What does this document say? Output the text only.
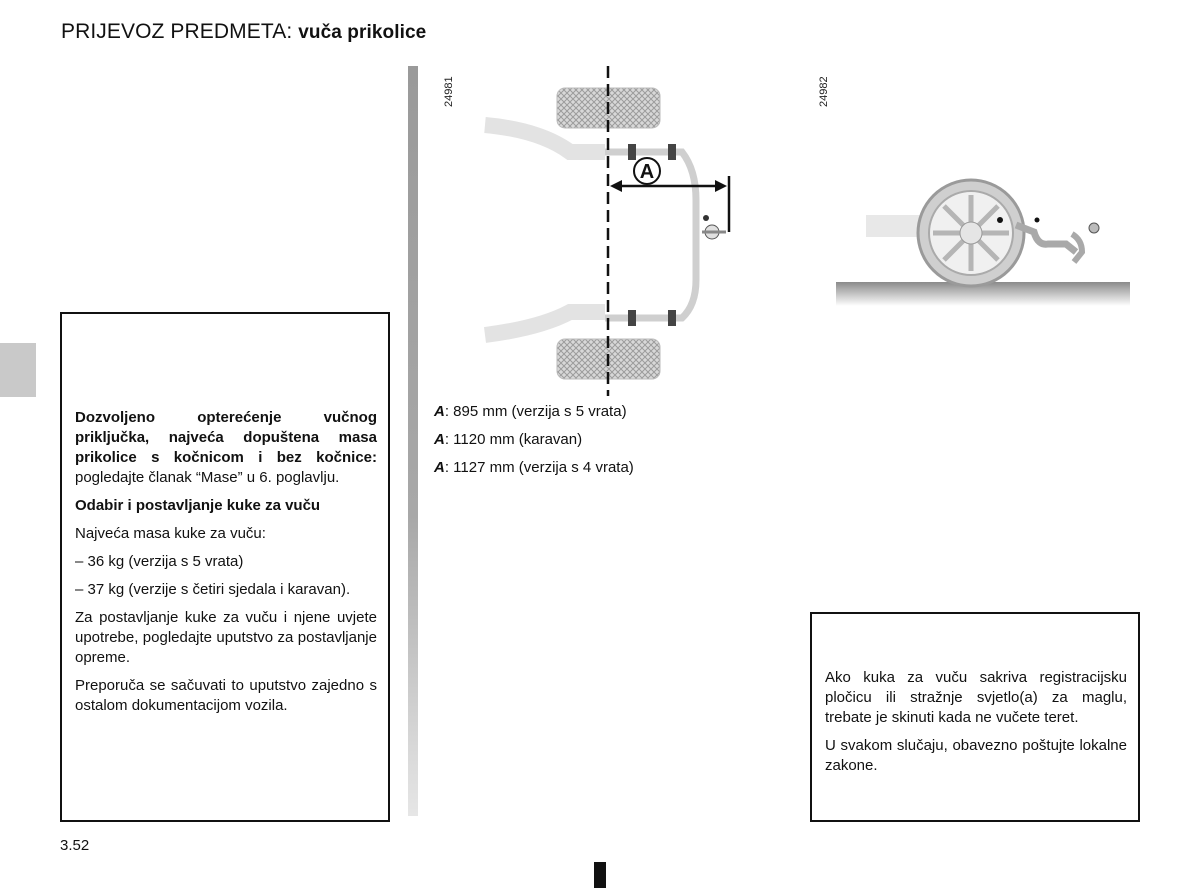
PRIJEVOZ PREDMETA: vuča prikolice

Dozvoljeno opterećenje vučnog priključka, najveća dopuštena masa prikolice s kočnicom i bez kočnice: pogledajte članak “Mase” u 6. poglavlju.

Odabir i postavljanje kuke za vuču

Najveća masa kuke za vuču:

– 36 kg (verzija s 5 vrata)

– 37 kg (verzije s četiri sjedala i karavan).

Za postavljanje kuke za vuču i njene uvjete upotrebe, pogledajte uputstvo za postavljanje opreme.

Preporuča se sačuvati to uputstvo zajedno s ostalom dokumentacijom vozila.

A
24981	24982
A: 895 mm (verzija s 5 vrata)
A: 1120 mm (karavan)
A: 1127 mm (verzija s 4 vrata)

Ako kuka za vuču sakriva registracijsku pločicu ili stražnje svjetlo(a) za maglu, trebate je skinuti kada ne vučete teret.

U svakom slučaju, obavezno poštujte lokalne zakone.

3.52
